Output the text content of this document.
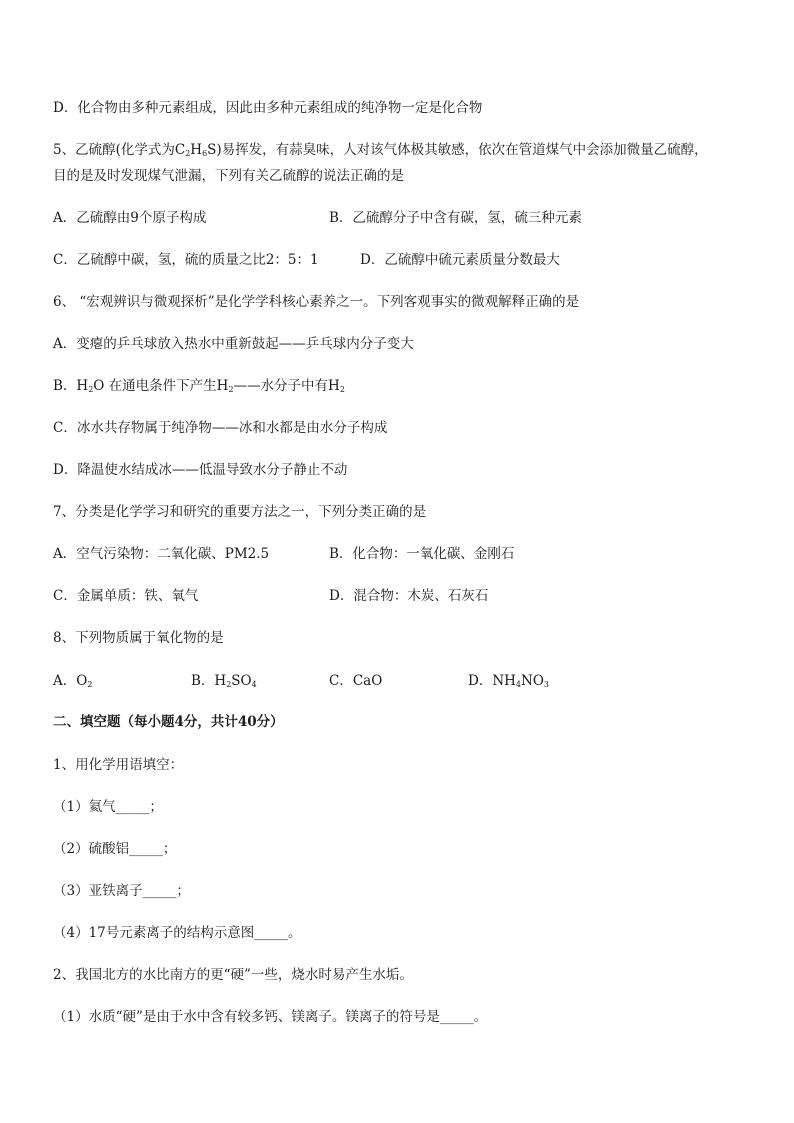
D．化合物由多种元素组成，因此由多种元素组成的纯净物一定是化合物
5、乙硫醇(化学式为$C_2H_6S$)易挥发，有蒜臭味，人对该气体极其敏感，依次在管道煤气中会添加微量乙硫醇，
目的是及时发现煤气泄漏，下列有关乙硫醇的说法正确的是
A．乙硫醇由9个原子构成	B．乙硫醇分子中含有碳，氢，硫三种元素
C．乙硫醇中碳，氢，硫的质量之比2：5：1	D．乙硫醇中硫元素质量分数最大
6、 “宏观辨识与微观探析”是化学学科核心素养之一。下列客观事实的微观解释正确的是
A．变瘪的乒乓球放入热水中重新鼓起——乒乓球内分子变大
B．$H_2O$ 在通电条件下产生$H_2——$水分子中有$H_2$
C．冰水共存物属于纯净物——冰和水都是由水分子构成
D．降温使水结成冰——低温导致水分子静止不动
7、分类是化学学习和研究的重要方法之一，下列分类正确的是
A．空气污染物：二氧化碳、PM2.5	B．化合物：一氧化碳、金刚石
C．金属单质：铁、氧气	D．混合物：木炭、石灰石
8、下列物质属于氧化物的是
A．$O_2$	B．$H_2SO_4$	C．CaO	D．$NH_4NO_3$
二、填空题（每小题4分，共计40分）
1、用化学用语填空：
（1）氦气_____；
（2）硫酸铝_____；
（3）亚铁离子_____；
（4）17号元素离子的结构示意图_____。
2、我国北方的水比南方的更“硬”一些，烧水时易产生水垢。
（1）水质“硬”是由于水中含有较多钙、镁离子。镁离子的符号是_____。
